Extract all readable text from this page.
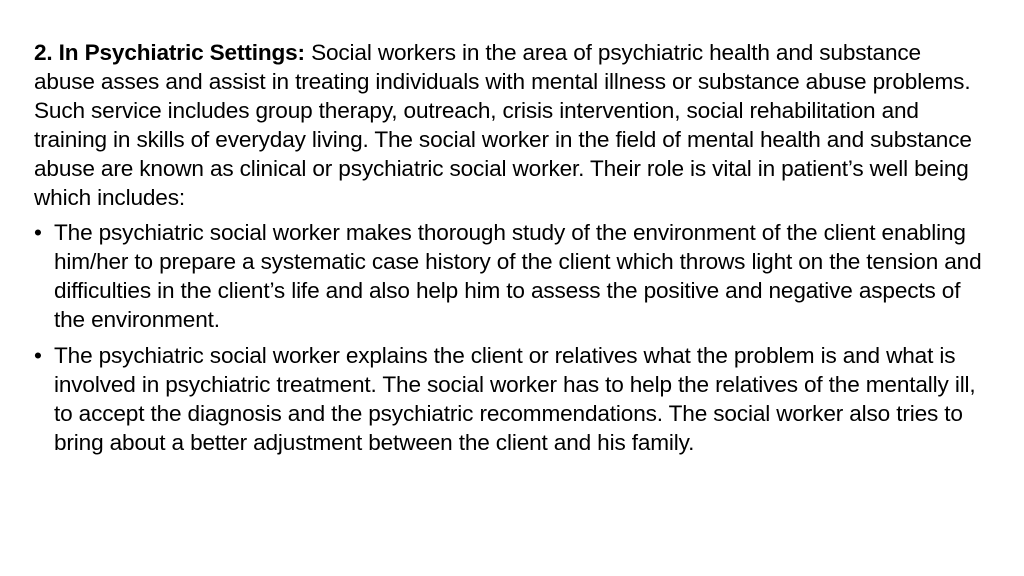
2. In Psychiatric Settings: Social workers in the area of psychiatric health and substance abuse asses and assist in treating individuals with mental illness or substance abuse problems. Such service includes group therapy, outreach, crisis intervention, social rehabilitation and training in skills of everyday living. The social worker in the field of mental health and substance abuse are known as clinical or psychiatric social worker. Their role is vital in patient’s well being which includes:

• The psychiatric social worker makes thorough study of the environment of the client enabling him/her to prepare a systematic case history of the client which throws light on the tension and difficulties in the client’s life and also help him to assess the positive and negative aspects of the environment.
• The psychiatric social worker explains the client or relatives what the problem is and what is involved in psychiatric treatment. The social worker has to help the relatives of the mentally ill, to accept the diagnosis and the psychiatric recommendations. The social worker also tries to bring about a better adjustment between the client and his family.
